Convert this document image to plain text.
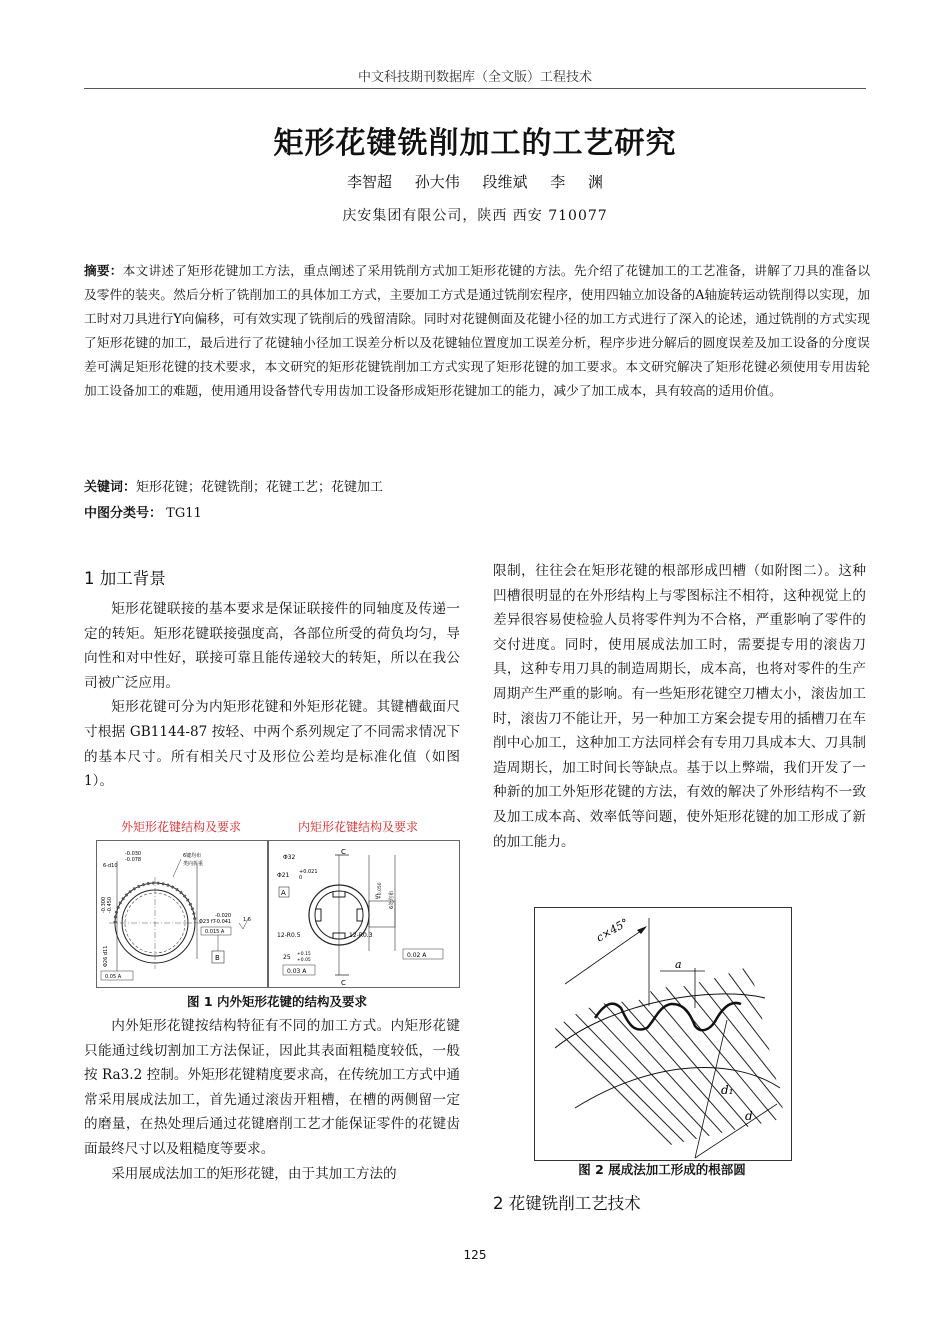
中文科技期刊数据库（全文版）工程技术
矩形花键铣削加工的工艺研究
李智超 孙大伟 段维斌 李 渊
庆安集团有限公司，陕西 西安 710077
摘要：本文讲述了矩形花键加工方法，重点阐述了采用铣削方式加工矩形花键的方法。先介绍了花键加工的工艺准备，讲解了刀具的准备以及零件的装夹。然后分析了铣削加工的具体加工方式，主要加工方式是通过铣削宏程序，使用四轴立加设备的A轴旋转运动铣削得以实现，加工时对刀具进行Y向偏移，可有效实现了铣削后的残留清除。同时对花键侧面及花键小径的加工方式进行了深入的论述，通过铣削的方式实现了矩形花键的加工，最后进行了花键轴小径加工误差分析以及花键轴位置度加工误差分析，程序步进分解后的圆度误差及加工设备的分度误差可满足矩形花键的技术要求，本文研究的矩形花键铣削加工方式实现了矩形花键的加工要求。本文研究解决了矩形花键必须使用专用齿轮加工设备加工的难题，使用通用设备替代专用齿加工设备形成矩形花键加工的能力，减少了加工成本，具有较高的适用价值。
关键词：矩形花键；花键铣削；花键工艺；花键加工
中图分类号： TG11
1 加工背景

矩形花键联接的基本要求是保证联接件的同轴度及传递一定的转矩。矩形花键联接强度高，各部位所受的荷负均匀，导向性和对中性好，联接可靠且能传递较大的转矩，所以在我公司被广泛应用。

矩形花键可分为内矩形花键和外矩形花键。其键槽截面尺寸根据 GB1144-87 按轻、中两个系列规定了不同需求情况下的基本尺寸。所有相关尺寸及形位公差均是标准化值（如图 1）。

外矩形花键结构及要求	内矩形花键结构及要求
-0.030
-0.078
6-d10
6键均布
类向折重
-0.300 -0.450
Φ26 d11
-0.020
-0.041
Φ23 f7
0.015 A
1.6
B
0.05 A
C
C
Φ32
Φ21 +0.021
0
A
12-R0.5	12-R0.3
5 +0.050
6处均布
25 +0.15
+0.05
0.02 A
0.03 A
图 1 内外矩形花键的结构及要求

内外矩形花键按结构特征有不同的加工方式。内矩形花键只能通过线切割加工方法保证，因此其表面粗糙度较低，一般按 Ra3.2 控制。外矩形花键精度要求高，在传统加工方式中通常采用展成法加工，首先通过滚齿开粗槽，在槽的两侧留一定的磨量，在热处理后通过花键磨削工艺才能保证零件的花键齿面最终尺寸以及粗糙度等要求。

采用展成法加工的矩形花键，由于其加工方法的

限制，往往会在矩形花键的根部形成凹槽（如附图二）。这种凹槽很明显的在外形结构上与零图标注不相符，这种视觉上的差异很容易使检验人员将零件判为不合格，严重影响了零件的交付进度。同时，使用展成法加工时，需要提专用的滚齿刀具，这种专用刀具的制造周期长，成本高，也将对零件的生产周期产生严重的影响。有一些矩形花键空刀槽太小，滚齿加工时，滚齿刀不能让开，另一种加工方案会提专用的插槽刀在车削中心加工，这种加工方法同样会有专用刀具成本大、刀具制造周期长，加工时间长等缺点。基于以上弊端，我们开发了一种新的加工外矩形花键的方法，有效的解决了外形结构不一致及加工成本高、效率低等问题，使外矩形花键的加工形成了新的加工能力。

c×45°
a
d₁
d
图 2 展成法加工形成的根部圆
2 花键铣削工艺技术
125
